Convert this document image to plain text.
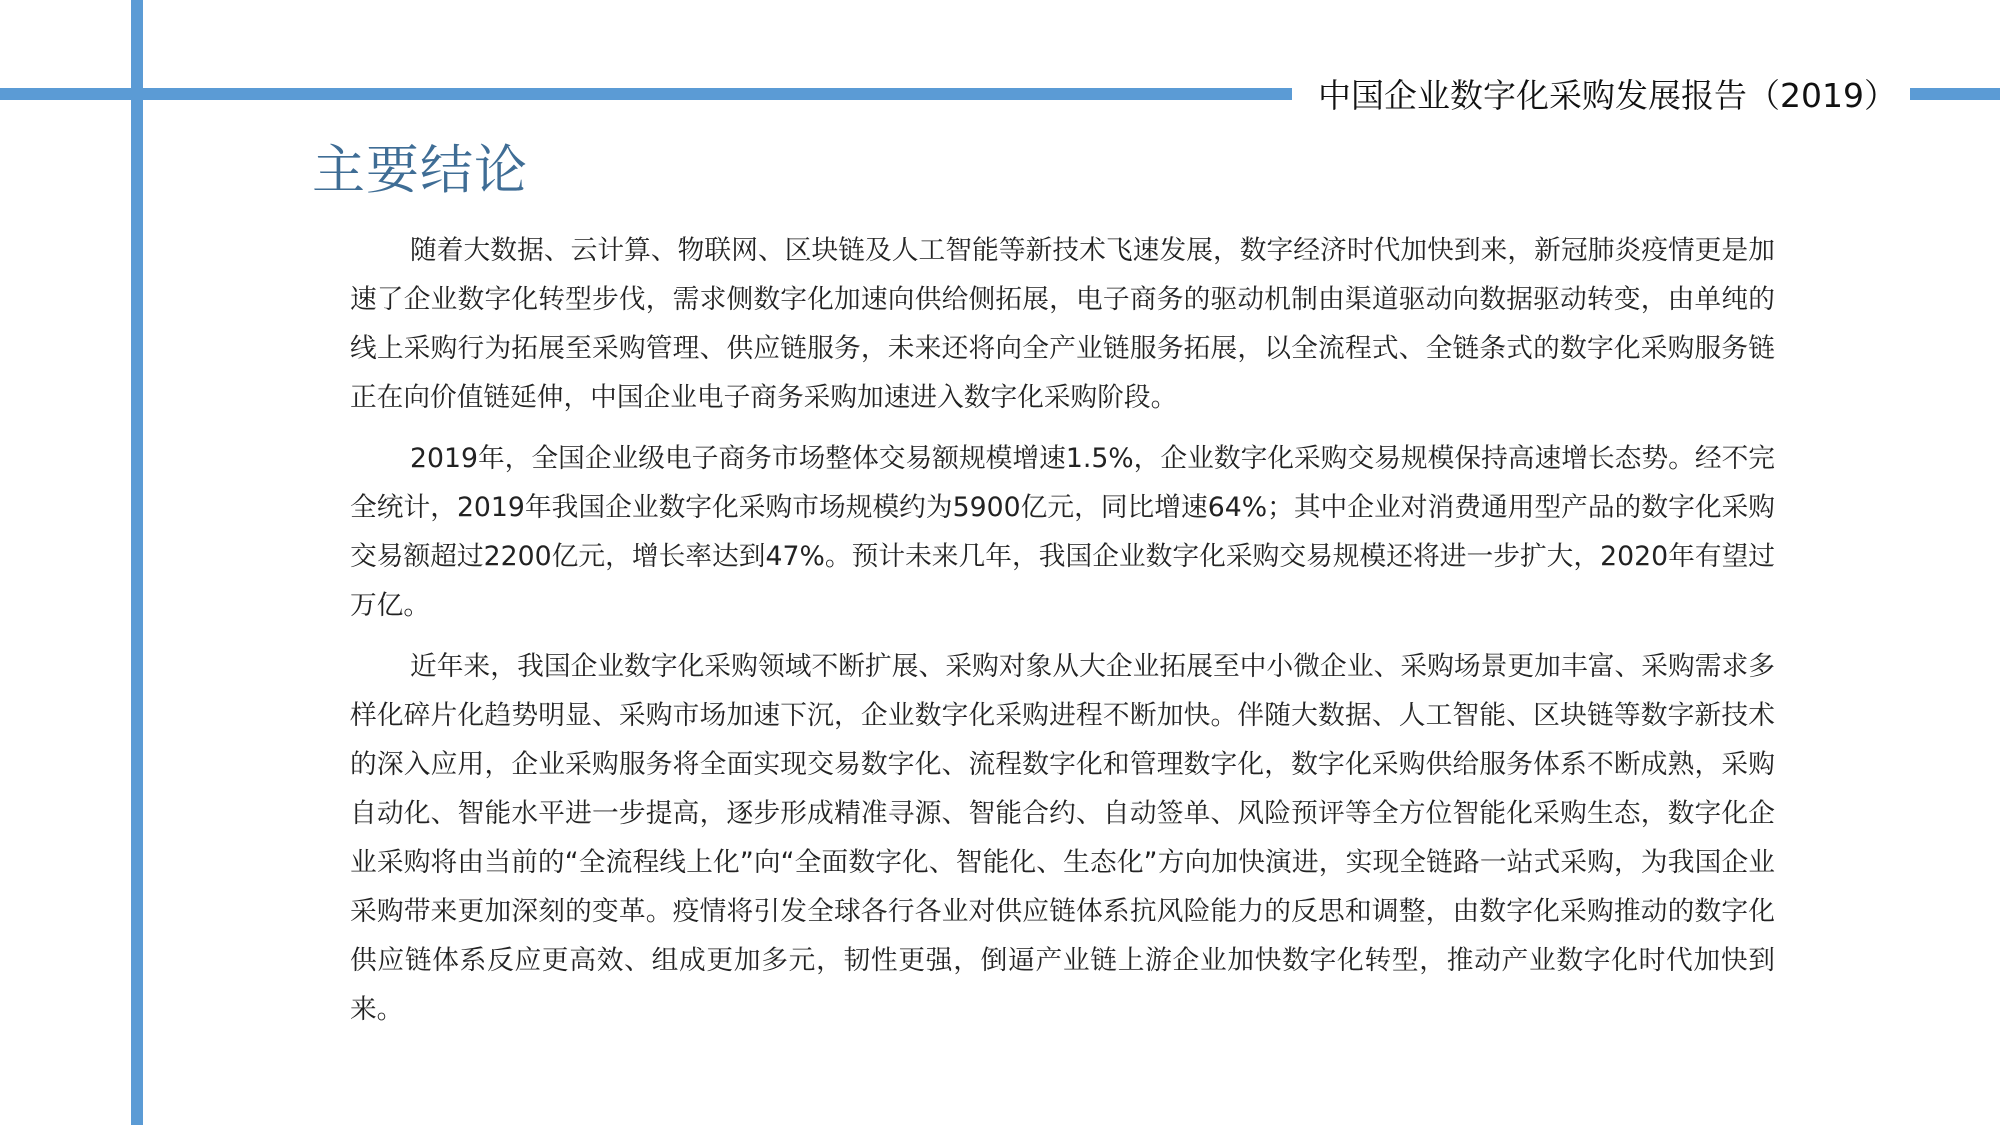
中国企业数字化采购发展报告（2019）
主要结论

随着大数据、云计算、物联网、区块链及人工智能等新技术飞速发展，数字经济时代加快到来，新冠肺炎疫情更是加速了企业数字化转型步伐，需求侧数字化加速向供给侧拓展，电子商务的驱动机制由渠道驱动向数据驱动转变，由单纯的线上采购行为拓展至采购管理、供应链服务，未来还将向全产业链服务拓展，以全流程式、全链条式的数字化采购服务链正在向价值链延伸，中国企业电子商务采购加速进入数字化采购阶段。

2019年，全国企业级电子商务市场整体交易额规模增速1.5%，企业数字化采购交易规模保持高速增长态势。经不完全统计，2019年我国企业数字化采购市场规模约为5900亿元，同比增速64%；其中企业对消费通用型产品的数字化采购交易额超过2200亿元，增长率达到47%。预计未来几年，我国企业数字化采购交易规模还将进一步扩大，2020年有望过万亿。

近年来，我国企业数字化采购领域不断扩展、采购对象从大企业拓展至中小微企业、采购场景更加丰富、采购需求多样化碎片化趋势明显、采购市场加速下沉，企业数字化采购进程不断加快。伴随大数据、人工智能、区块链等数字新技术的深入应用，企业采购服务将全面实现交易数字化、流程数字化和管理数字化，数字化采购供给服务体系不断成熟，采购自动化、智能水平进一步提高，逐步形成精准寻源、智能合约、自动签单、风险预评等全方位智能化采购生态，数字化企业采购将由当前的“全流程线上化”向“全面数字化、智能化、生态化”方向加快演进，实现全链路一站式采购，为我国企业采购带来更加深刻的变革。疫情将引发全球各行各业对供应链体系抗风险能力的反思和调整，由数字化采购推动的数字化供应链体系反应更高效、组成更加多元，韧性更强，倒逼产业链上游企业加快数字化转型，推动产业数字化时代加快到来。
